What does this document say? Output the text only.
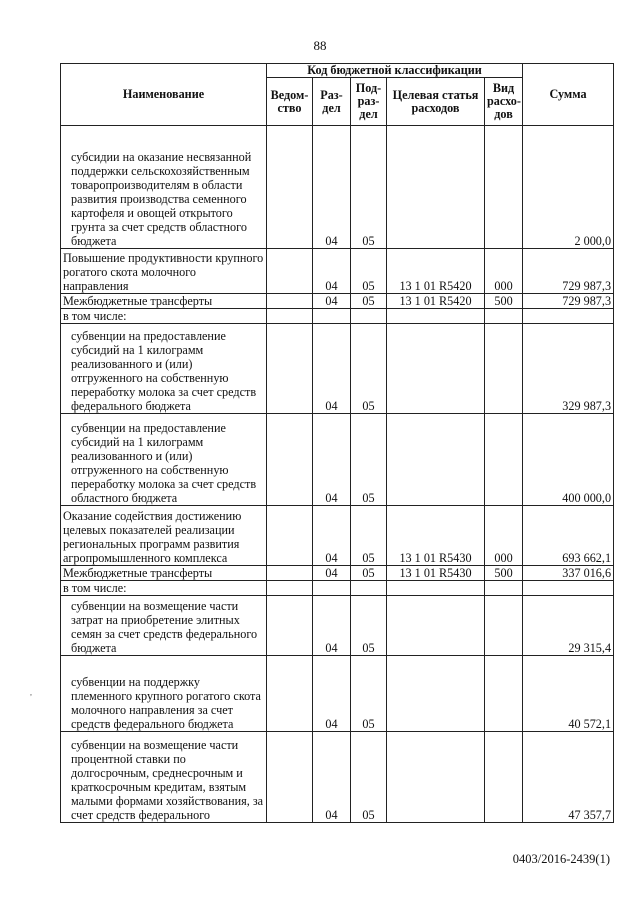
88
Наименование	Код бюджетной классификации					Сумма
	Ведом-ство	Раз-дел	Под-раз-дел	Целевая статья расходов	Вид расхо-дов	
субсидии на оказание несвязанной поддержки сельскохозяйственным товаропроизводителям в области развития производства семенного картофеля и овощей открытого грунта за счет средств областного бюджета		04	05			2 000,0
Повышение продуктивности крупного рогатого скота молочного направления		04	05	13 1 01 R5420	000	729 987,3
Межбюджетные трансферты		04	05	13 1 01 R5420	500	729 987,3
в том числе:						
субвенции на предоставление субсидий на 1 килограмм реализованного и (или) отгруженного на собственную переработку молока за счет средств федерального бюджета		04	05			329 987,3
субвенции на предоставление субсидий на 1 килограмм реализованного и (или) отгруженного на собственную переработку молока за счет средств областного бюджета		04	05			400 000,0
Оказание содействия достижению целевых показателей реализации региональных программ развития агропромышленного комплекса		04	05	13 1 01 R5430	000	693 662,1
Межбюджетные трансферты		04	05	13 1 01 R5430	500	337 016,6
в том числе:						
субвенции на возмещение части затрат на приобретение элитных семян за счет средств федерального бюджета		04	05			29 315,4
субвенции на поддержку племенного крупного рогатого скота молочного направления за счет средств федерального бюджета		04	05			40 572,1
субвенции на возмещение части процентной ставки по долгосрочным, среднесрочным и краткосрочным кредитам, взятым малыми формами хозяйствования, за счет средств федерального		04	05			47 357,7
,
0403/2016-2439(1)
